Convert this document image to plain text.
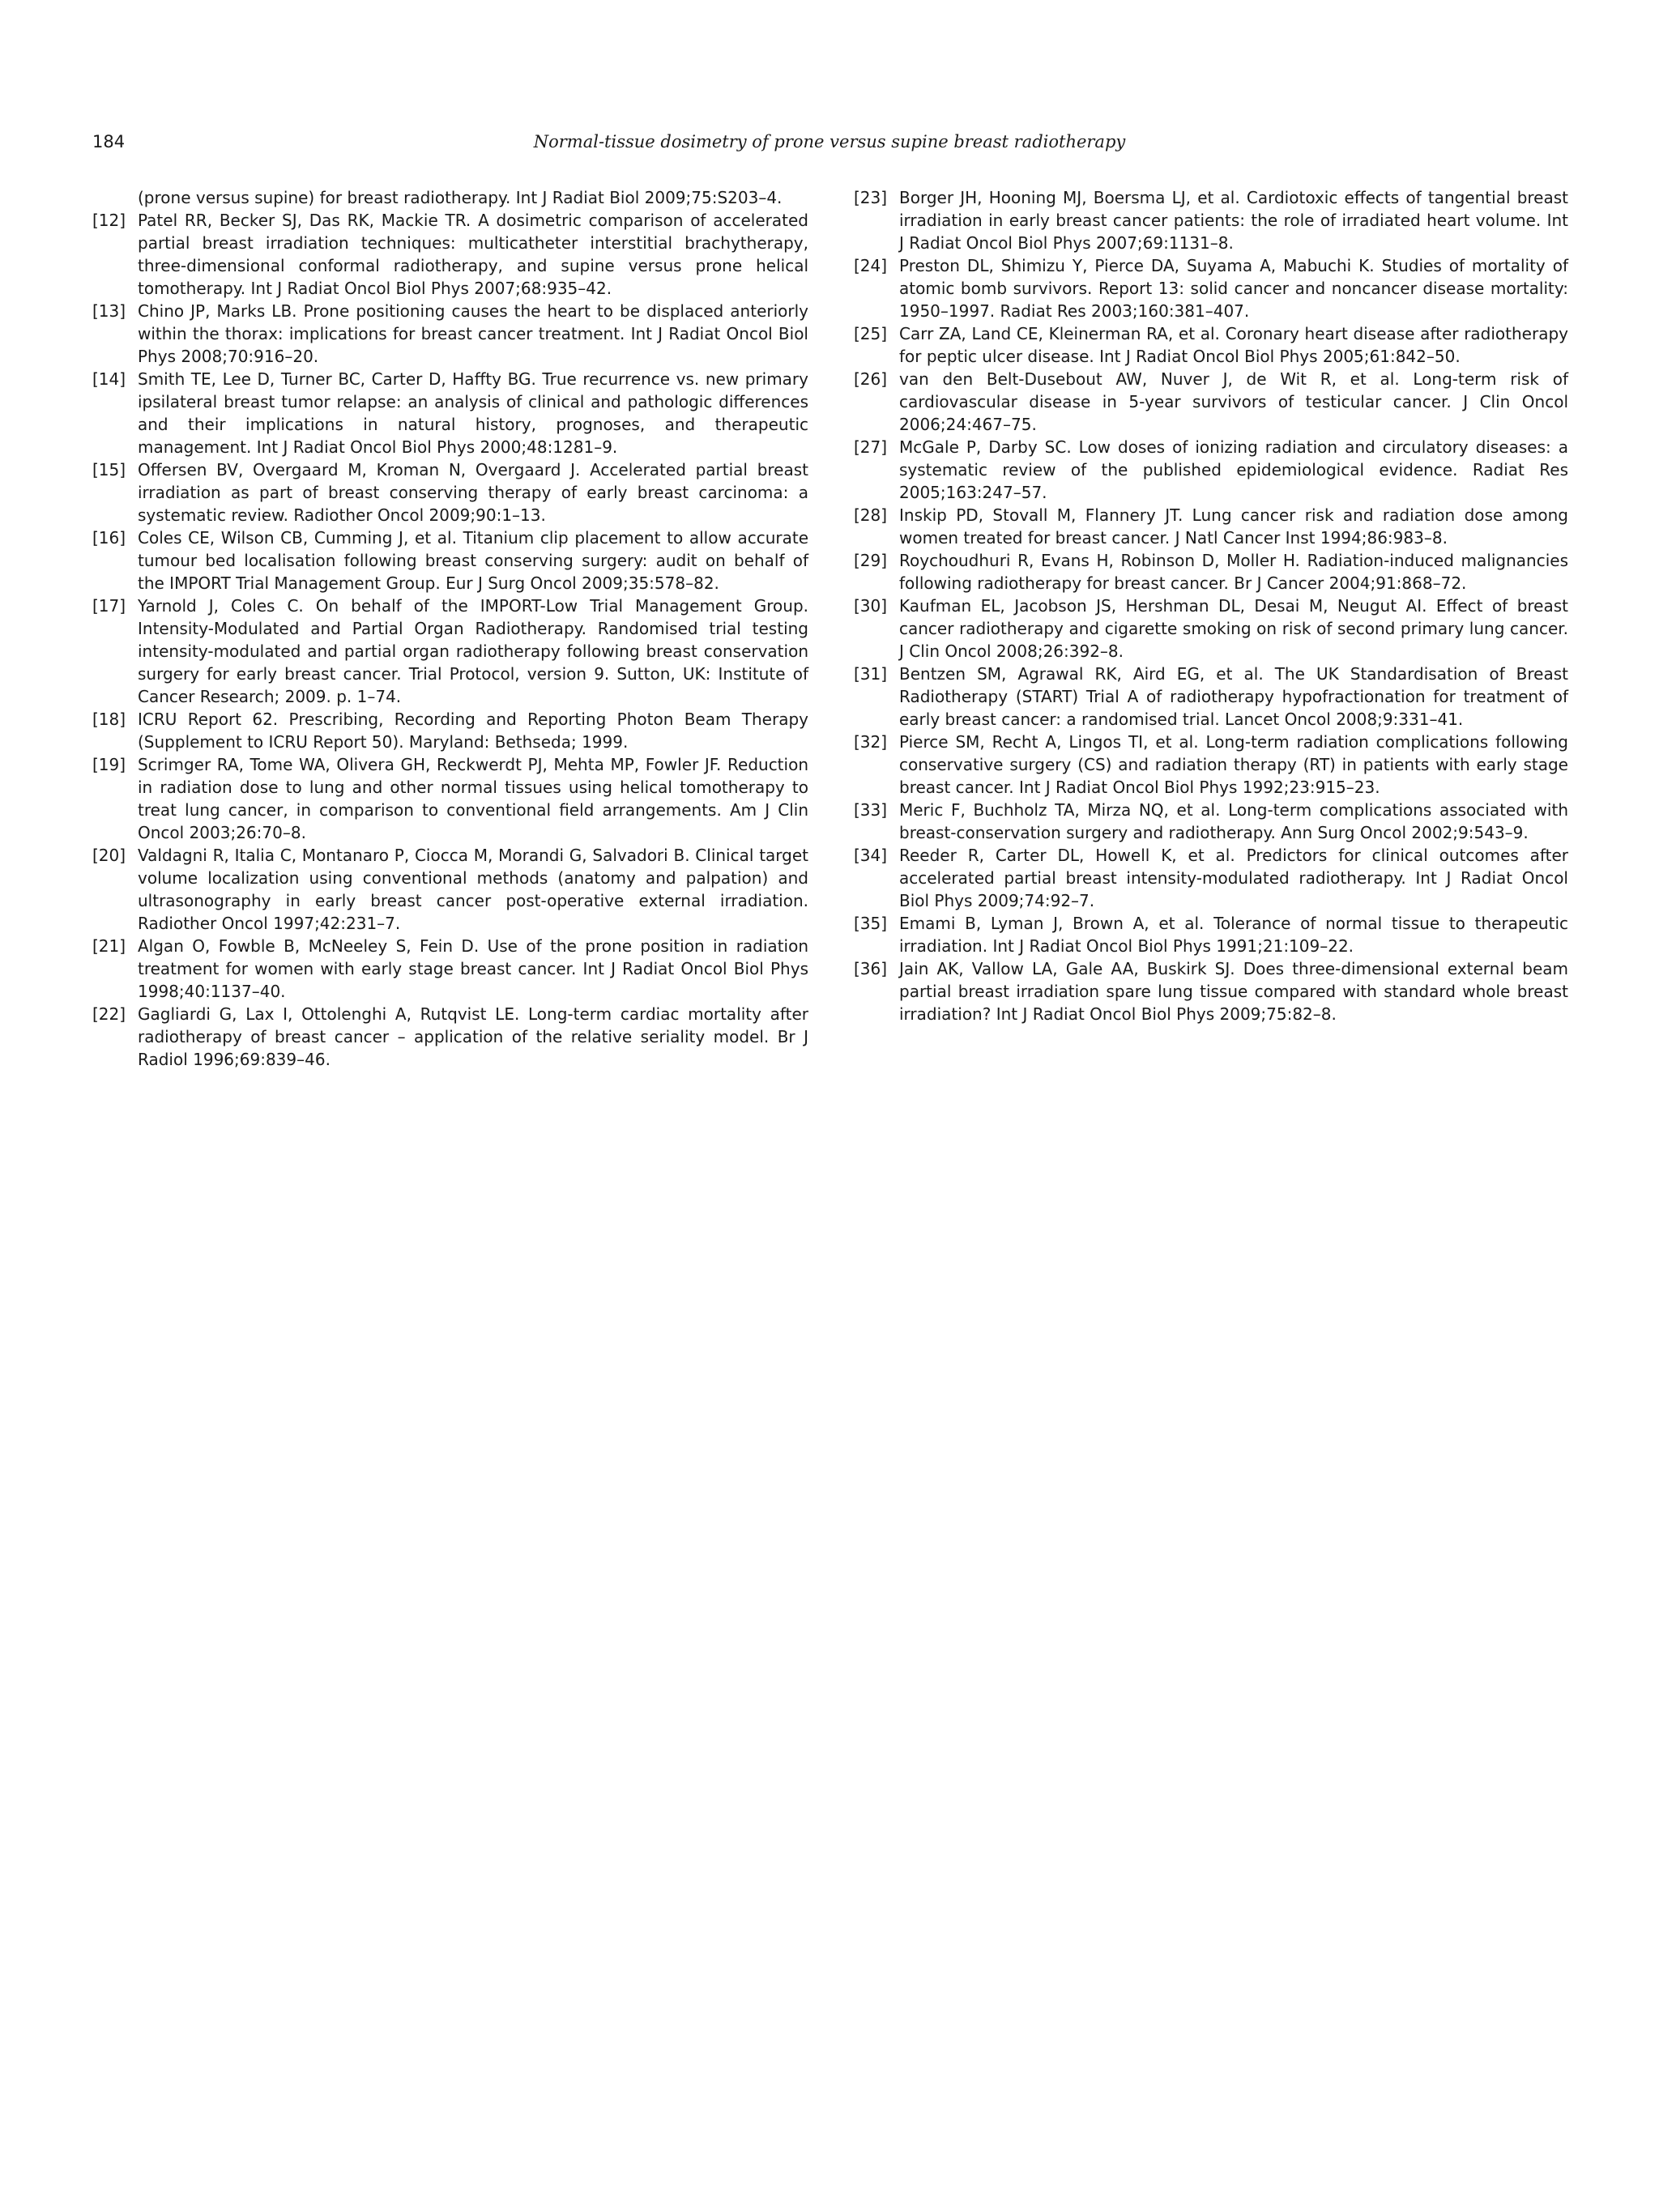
184	Normal-tissue dosimetry of prone versus supine breast radiotherapy

(prone versus supine) for breast radiotherapy. Int J Radiat Biol 2009;75:S203–4.

[12] Patel RR, Becker SJ, Das RK, Mackie TR. A dosimetric comparison of accelerated partial breast irradiation techniques: multicatheter interstitial brachytherapy, three-dimensional conformal radiotherapy, and supine versus prone helical tomotherapy. Int J Radiat Oncol Biol Phys 2007;68:935–42.

[13] Chino JP, Marks LB. Prone positioning causes the heart to be displaced anteriorly within the thorax: implications for breast cancer treatment. Int J Radiat Oncol Biol Phys 2008;70:916–20.

[14] Smith TE, Lee D, Turner BC, Carter D, Haffty BG. True recurrence vs. new primary ipsilateral breast tumor relapse: an analysis of clinical and pathologic differences and their implications in natural history, prognoses, and therapeutic management. Int J Radiat Oncol Biol Phys 2000;48:1281–9.

[15] Offersen BV, Overgaard M, Kroman N, Overgaard J. Accelerated partial breast irradiation as part of breast conserving therapy of early breast carcinoma: a systematic review. Radiother Oncol 2009;90:1–13.

[16] Coles CE, Wilson CB, Cumming J, et al. Titanium clip placement to allow accurate tumour bed localisation following breast conserving surgery: audit on behalf of the IMPORT Trial Management Group. Eur J Surg Oncol 2009;35:578–82.

[17] Yarnold J, Coles C. On behalf of the IMPORT-Low Trial Management Group. Intensity-Modulated and Partial Organ Radiotherapy. Randomised trial testing intensity-modulated and partial organ radiotherapy following breast conservation surgery for early breast cancer. Trial Protocol, version 9. Sutton, UK: Institute of Cancer Research; 2009. p. 1–74.

[18] ICRU Report 62. Prescribing, Recording and Reporting Photon Beam Therapy (Supplement to ICRU Report 50). Maryland: Bethseda; 1999.

[19] Scrimger RA, Tome WA, Olivera GH, Reckwerdt PJ, Mehta MP, Fowler JF. Reduction in radiation dose to lung and other normal tissues using helical tomotherapy to treat lung cancer, in comparison to conventional field arrangements. Am J Clin Oncol 2003;26:70–8.

[20] Valdagni R, Italia C, Montanaro P, Ciocca M, Morandi G, Salvadori B. Clinical target volume localization using conventional methods (anatomy and palpation) and ultrasonography in early breast cancer post-operative external irradiation. Radiother Oncol 1997;42:231–7.

[21] Algan O, Fowble B, McNeeley S, Fein D. Use of the prone position in radiation treatment for women with early stage breast cancer. Int J Radiat Oncol Biol Phys 1998;40:1137–40.

[22] Gagliardi G, Lax I, Ottolenghi A, Rutqvist LE. Long-term cardiac mortality after radiotherapy of breast cancer – application of the relative seriality model. Br J Radiol 1996;69:839–46.

[23] Borger JH, Hooning MJ, Boersma LJ, et al. Cardiotoxic effects of tangential breast irradiation in early breast cancer patients: the role of irradiated heart volume. Int J Radiat Oncol Biol Phys 2007;69:1131–8.

[24] Preston DL, Shimizu Y, Pierce DA, Suyama A, Mabuchi K. Studies of mortality of atomic bomb survivors. Report 13: solid cancer and noncancer disease mortality: 1950–1997. Radiat Res 2003;160:381–407.

[25] Carr ZA, Land CE, Kleinerman RA, et al. Coronary heart disease after radiotherapy for peptic ulcer disease. Int J Radiat Oncol Biol Phys 2005;61:842–50.

[26] van den Belt-Dusebout AW, Nuver J, de Wit R, et al. Long-term risk of cardiovascular disease in 5-year survivors of testicular cancer. J Clin Oncol 2006;24:467–75.

[27] McGale P, Darby SC. Low doses of ionizing radiation and circulatory diseases: a systematic review of the published epidemiological evidence. Radiat Res 2005;163:247–57.

[28] Inskip PD, Stovall M, Flannery JT. Lung cancer risk and radiation dose among women treated for breast cancer. J Natl Cancer Inst 1994;86:983–8.

[29] Roychoudhuri R, Evans H, Robinson D, Moller H. Radiation-induced malignancies following radiotherapy for breast cancer. Br J Cancer 2004;91:868–72.

[30] Kaufman EL, Jacobson JS, Hershman DL, Desai M, Neugut AI. Effect of breast cancer radiotherapy and cigarette smoking on risk of second primary lung cancer. J Clin Oncol 2008;26:392–8.

[31] Bentzen SM, Agrawal RK, Aird EG, et al. The UK Standardisation of Breast Radiotherapy (START) Trial A of radiotherapy hypofractionation for treatment of early breast cancer: a randomised trial. Lancet Oncol 2008;9:331–41.

[32] Pierce SM, Recht A, Lingos TI, et al. Long-term radiation complications following conservative surgery (CS) and radiation therapy (RT) in patients with early stage breast cancer. Int J Radiat Oncol Biol Phys 1992;23:915–23.

[33] Meric F, Buchholz TA, Mirza NQ, et al. Long-term complications associated with breast-conservation surgery and radiotherapy. Ann Surg Oncol 2002;9:543–9.

[34] Reeder R, Carter DL, Howell K, et al. Predictors for clinical outcomes after accelerated partial breast intensity-modulated radiotherapy. Int J Radiat Oncol Biol Phys 2009;74:92–7.

[35] Emami B, Lyman J, Brown A, et al. Tolerance of normal tissue to therapeutic irradiation. Int J Radiat Oncol Biol Phys 1991;21:109–22.

[36] Jain AK, Vallow LA, Gale AA, Buskirk SJ. Does three-dimensional external beam partial breast irradiation spare lung tissue compared with standard whole breast irradiation? Int J Radiat Oncol Biol Phys 2009;75:82–8.
